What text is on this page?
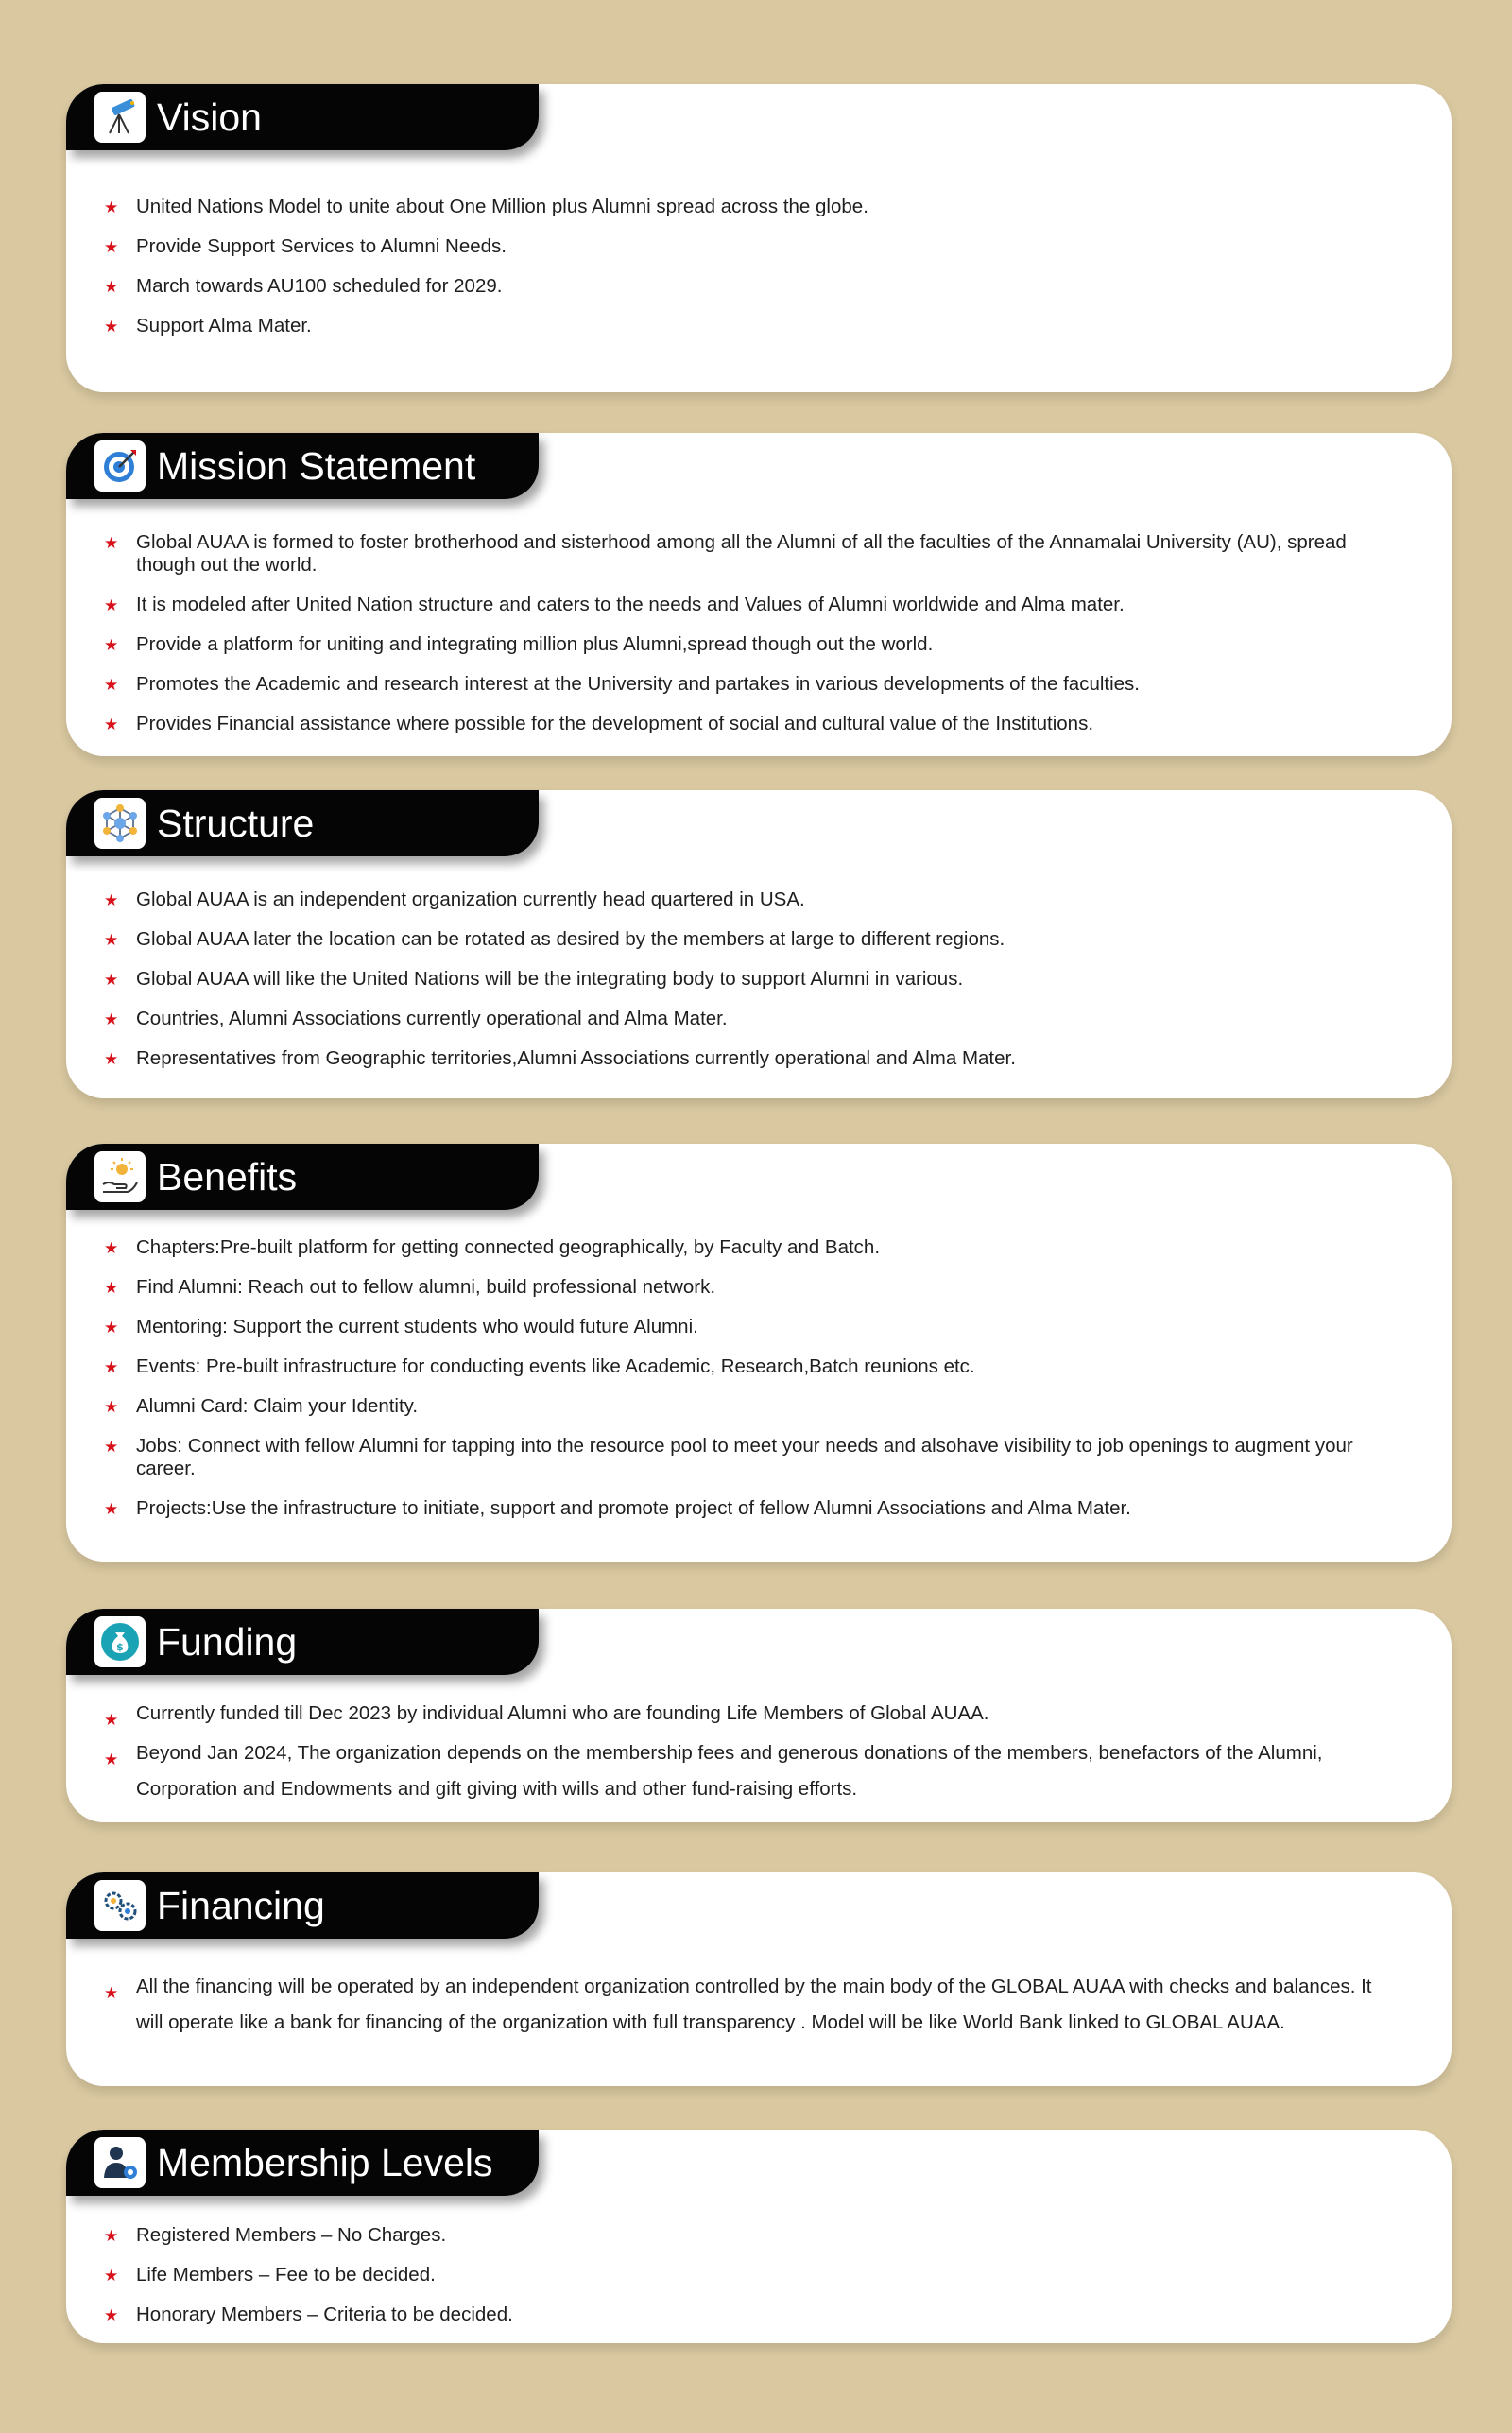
Vision
★ United Nations Model to unite about One Million plus Alumni spread across the globe.
★ Provide Support Services to Alumni Needs.
★ March towards AU100 scheduled for 2029.
★ Support Alma Mater.
Mission Statement
★ Global AUAA is formed to foster brotherhood and sisterhood among all the Alumni of all the faculties of the Annamalai University (AU), spread though out the world.
★ It is modeled after United Nation structure and caters to the needs and Values of Alumni worldwide and Alma mater.
★ Provide a platform for uniting and integrating million plus Alumni,spread though out the world.
★ Promotes the Academic and research interest at the University and partakes in various developments of the faculties.
★ Provides Financial assistance where possible for the development of social and cultural value of the Institutions.
Structure
★ Global AUAA is an independent organization currently head quartered in USA.
★ Global AUAA later the location can be rotated as desired by the members at large to different regions.
★ Global AUAA will like the United Nations will be the integrating body to support Alumni in various.
★ Countries, Alumni Associations currently operational and Alma Mater.
★ Representatives from Geographic territories,Alumni Associations currently operational and Alma Mater.
Benefits
★ Chapters:Pre-built platform for getting connected geographically, by Faculty and Batch.
★ Find Alumni: Reach out to fellow alumni, build professional network.
★ Mentoring: Support the current students who would future Alumni.
★ Events: Pre-built infrastructure for conducting events like Academic, Research,Batch reunions etc.
★ Alumni Card: Claim your Identity.
★ Jobs: Connect with fellow Alumni for tapping into the resource pool to meet your needs and alsohave visibility to job openings to augment your career.
★ Projects:Use the infrastructure to initiate, support and promote project of fellow Alumni Associations and Alma Mater.
$ Funding
★ Currently funded till Dec 2023 by individual Alumni who are founding Life Members of Global AUAA.
★ Beyond Jan 2024, The organization depends on the membership fees and generous donations of the members, benefactors of the Alumni, Corporation and Endowments and gift giving with wills and other fund-raising efforts.
Financing
★ All the financing will be operated by an independent organization controlled by the main body of the GLOBAL AUAA with checks and balances. It will operate like a bank for financing of the organization with full transparency . Model will be like World Bank linked to GLOBAL AUAA.
Membership Levels
★ Registered Members – No Charges.
★ Life Members – Fee to be decided.
★ Honorary Members – Criteria to be decided.
